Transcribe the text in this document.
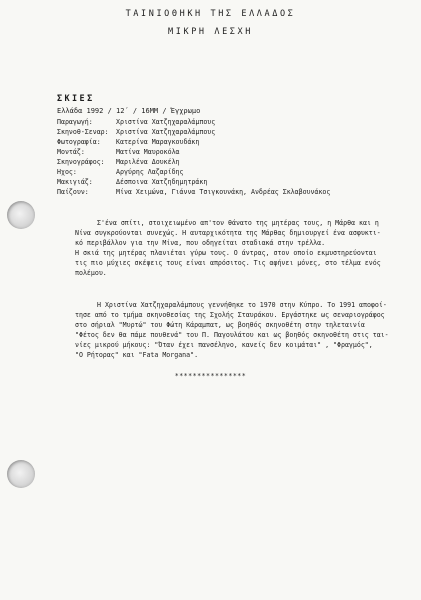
ΤΑΙΝΙΟΘΗΚΗ ΤΗΣ ΕΛΛΑΔΟΣ
ΜΙΚΡΗ ΛΕΣΧΗ
ΣΚΙΕΣ
Ελλάδα 1992 / 12΄ / 16MM / Έγχρωμο
Παραγωγή:	Χριστίνα Χατζηχαραλάμπους
Σκηνοθ-Σεναρ:	Χριστίνα Χατζηχαραλάμπους
Φωτογραφία:	Κατερίνα Μαραγκουδάκη
Μοντάζ:	Ματίνα Μαυροκόλα
Σκηνογράφος:	Μαριλένα Δουκέλη
Ηχος:	Αργύρης Λαζαρίδης
Μακιγιάζ:	Δέσποινα Χατζηδημητράκη
Παίζουν:	Μίνα Χειμώνα, Γιάννα Τσιγκουνάκη, Ανδρέας Σκλαβουνάκος
Σ'ένα σπίτι, στοιχειωμένο απ'τον θάνατο της μητέρας τους, η Μάρθα και η
Νίνα συγκρούονται συνεχώς. Η αυταρχικότητα της Μάρθας δημιουργεί ένα ασφυκτι-
κό περιβάλλον για την Μίνα, που οδηγείται σταδιακά στην τρέλλα.
Η σκιά της μητέρας πλανιέται γύρω τους. Ο άντρας, στον οποίο εκμυστηρεύονται
τις πιο μύχιες σκέψεις τους είναι απρόσιτος. Τις αφήνει μόνες, στο τέλμα ενός
πολέμου.
Η Χριστίνα Χατζηχαραλάμπους γεννήθηκε το 1970 στην Κύπρο. Το 1991 αποφοί-
τησε από το τμήμα σκηνοθεσίας της Σχολής Σταυράκου. Εργάστηκε ως σεναριογράφος
στο σήριαλ "Μυρτώ" του Φώτη Κάραμπατ, ως βοηθός σκηνοθέτη στην τηλεταινία
"Φέτος δεν θα πάμε πουθενά" του Π. Παγουλάτου και ως βοηθός σκηνοθέτη στις ται-
νίες μικρού μήκους: "Όταν έχει πανσέληνο, κανείς δεν κοιμάται" , "Φραγμός",
"Ο Ρήτορας" και "Fata Morgana".
****************
